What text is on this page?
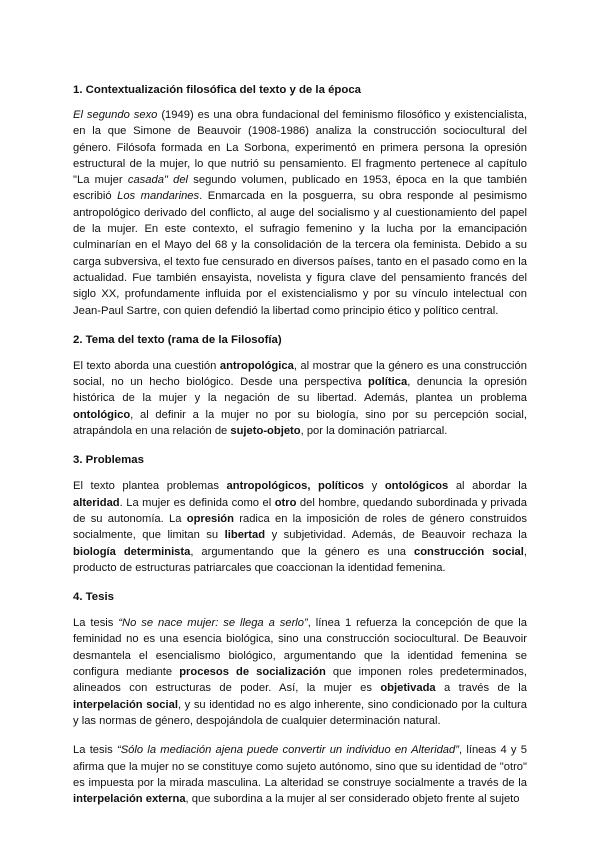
1. Contextualización filosófica del texto y de la época

El segundo sexo (1949) es una obra fundacional del feminismo filosófico y existencialista, en la que Simone de Beauvoir (1908-1986) analiza la construcción sociocultural del género. Filósofa formada en La Sorbona, experimentó en primera persona la opresión estructural de la mujer, lo que nutrió su pensamiento. El fragmento pertenece al capítulo "La mujer casada" del segundo volumen, publicado en 1953, época en la que también escribió Los mandarines. Enmarcada en la posguerra, su obra responde al pesimismo antropológico derivado del conflicto, al auge del socialismo y al cuestionamiento del papel de la mujer. En este contexto, el sufragio femenino y la lucha por la emancipación culminarían en el Mayo del 68 y la consolidación de la tercera ola feminista. Debido a su carga subversiva, el texto fue censurado en diversos países, tanto en el pasado como en la actualidad. Fue también ensayista, novelista y figura clave del pensamiento francés del siglo XX, profundamente influida por el existencialismo y por su vínculo intelectual con Jean-Paul Sartre, con quien defendió la libertad como principio ético y político central.

2. Tema del texto (rama de la Filosofía)

El texto aborda una cuestión antropológica, al mostrar que la género es una construcción social, no un hecho biológico. Desde una perspectiva política, denuncia la opresión histórica de la mujer y la negación de su libertad. Además, plantea un problema ontológico, al definir a la mujer no por su biología, sino por su percepción social, atrapándola en una relación de sujeto-objeto, por la dominación patriarcal.

3. Problemas

El texto plantea problemas antropológicos, políticos y ontológicos al abordar la alteridad. La mujer es definida como el otro del hombre, quedando subordinada y privada de su autonomía. La opresión radica en la imposición de roles de género construidos socialmente, que limitan su libertad y subjetividad. Además, de Beauvoir rechaza la biología determinista, argumentando que la género es una construcción social, producto de estructuras patriarcales que coaccionan la identidad femenina.

4. Tesis

La tesis “No se nace mujer: se llega a serlo”, línea 1 refuerza la concepción de que la feminidad no es una esencia biológica, sino una construcción sociocultural. De Beauvoir desmantela el esencialismo biológico, argumentando que la identidad femenina se configura mediante procesos de socialización que imponen roles predeterminados, alineados con estructuras de poder. Así, la mujer es objetivada a través de la interpelación social, y su identidad no es algo inherente, sino condicionado por la cultura y las normas de género, despojándola de cualquier determinación natural.

La tesis “Sólo la mediación ajena puede convertir un individuo en Alteridad”, líneas 4 y 5 afirma que la mujer no se constituye como sujeto autónomo, sino que su identidad de "otro" es impuesta por la mirada masculina. La alteridad se construye socialmente a través de la interpelación externa, que subordina a la mujer al ser considerado objeto frente al sujeto
